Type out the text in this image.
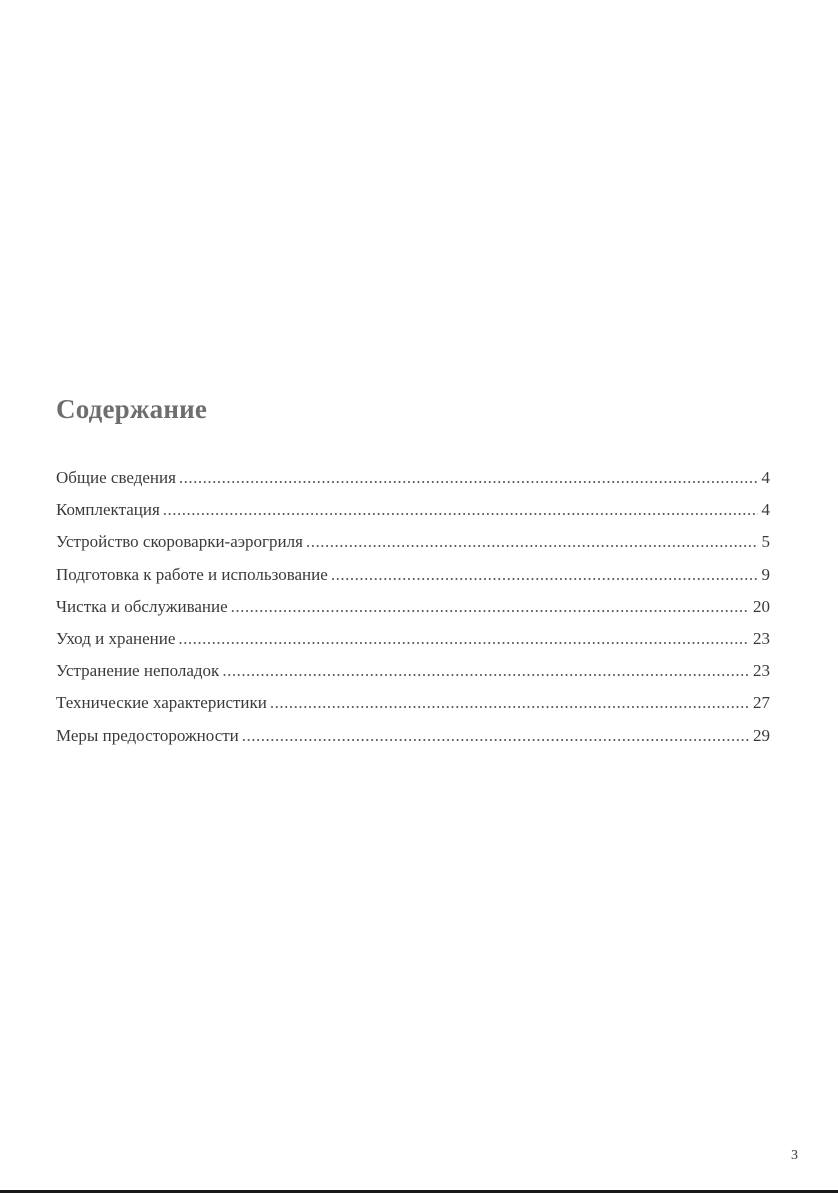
Содержание
Общие сведения .....	4
Комплектация .....	4
Устройство скороварки-аэрогриля .....	5
Подготовка к работе и использование .....	9
Чистка и обслуживание .....	20
Уход и хранение .....	23
Устранение неполадок .....	23
Технические характеристики .....	27
Меры предосторожности .....	29
3
